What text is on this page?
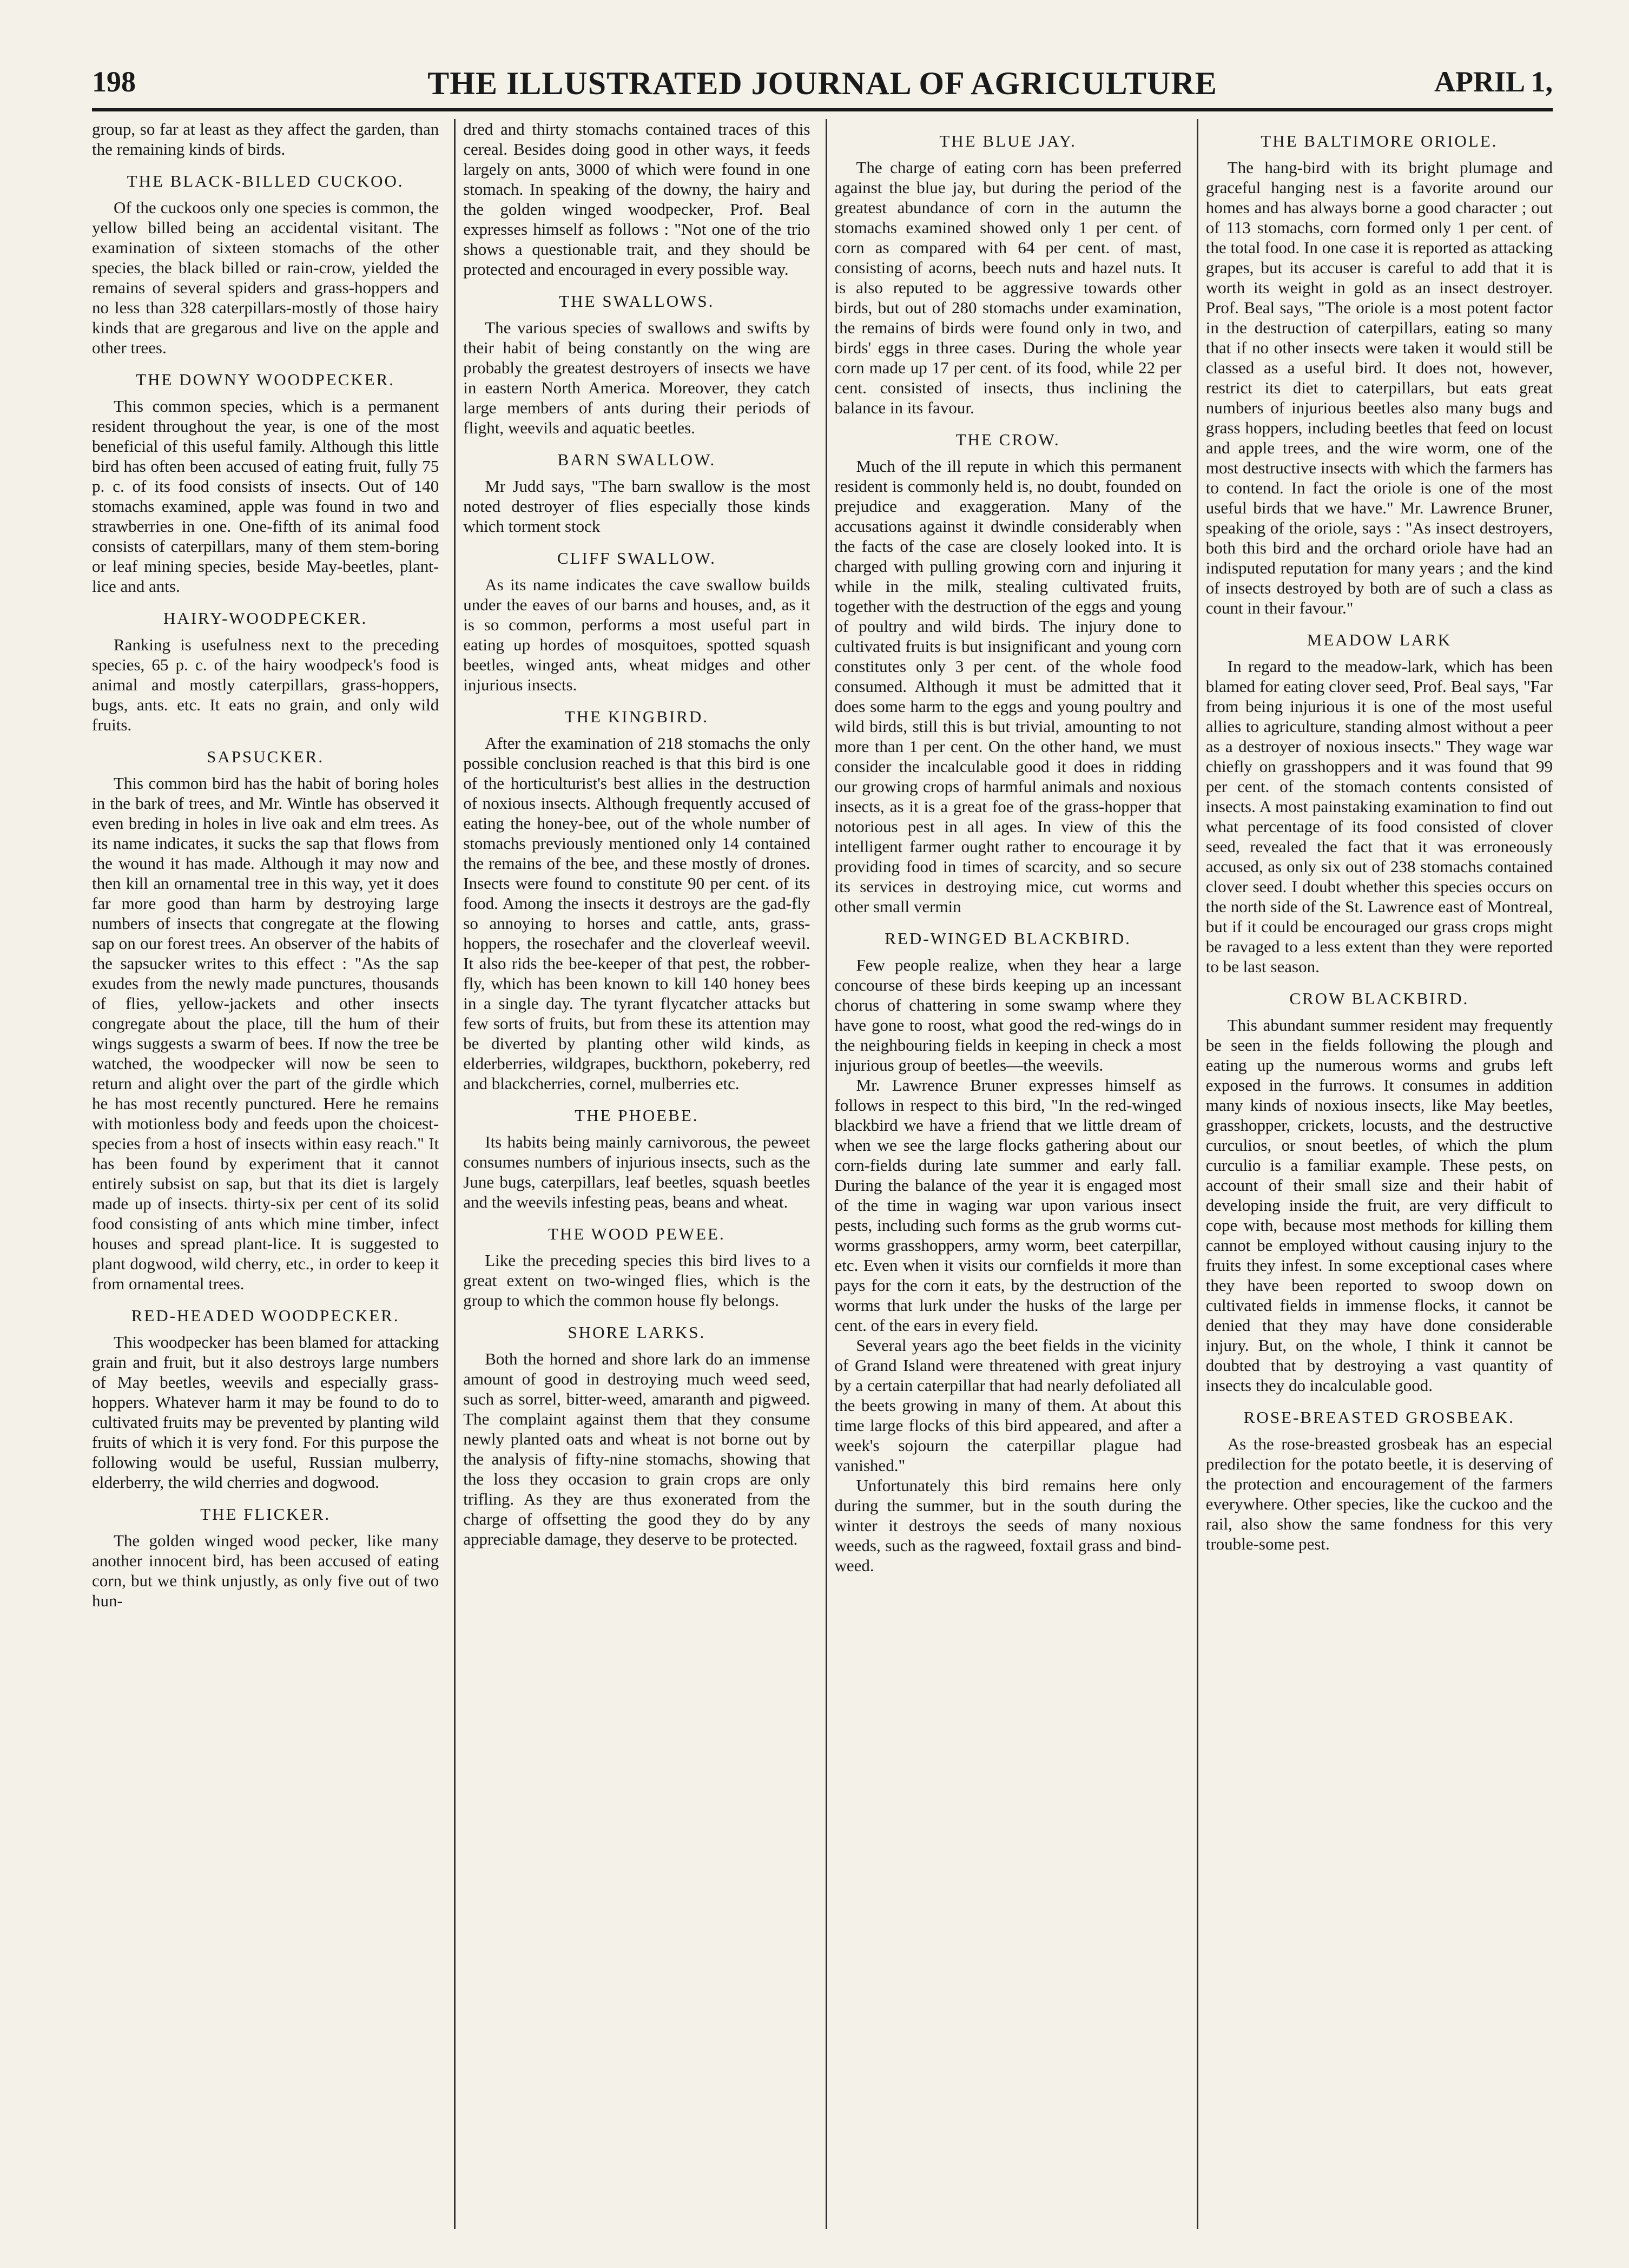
198	THE ILLUSTRATED JOURNAL OF AGRICULTURE	APRIL 1,

group, so far at least as they affect the garden, than the remaining kinds of birds.

THE BLACK-BILLED CUCKOO.

Of the cuckoos only one species is common, the yellow billed being an accidental visitant. The examination of sixteen stomachs of the other species, the black billed or rain-crow, yielded the remains of several spiders and grass-hoppers and no less than 328 caterpillars-mostly of those hairy kinds that are gregarous and live on the apple and other trees.

THE DOWNY WOODPECKER.

This common species, which is a permanent resident throughout the year, is one of the most beneficial of this useful family. Although this little bird has often been accused of eating fruit, fully 75 p. c. of its food consists of insects. Out of 140 stomachs examined, apple was found in two and strawberries in one. One-fifth of its animal food consists of caterpillars, many of them stem-boring or leaf mining species, beside May-beetles, plant-lice and ants.

HAIRY-WOODPECKER.

Ranking is usefulness next to the preceding species, 65 p. c. of the hairy woodpeck's food is animal and mostly caterpillars, grass-hoppers, bugs, ants. etc. It eats no grain, and only wild fruits.

SAPSUCKER.

This common bird has the habit of boring holes in the bark of trees, and Mr. Wintle has observed it even breding in holes in live oak and elm trees. As its name indicates, it sucks the sap that flows from the wound it has made. Although it may now and then kill an ornamental tree in this way, yet it does far more good than harm by destroying large numbers of insects that congregate at the flowing sap on our forest trees. An observer of the habits of the sapsucker writes to this effect : "As the sap exudes from the newly made punctures, thousands of flies, yellow-jackets and other insects congregate about the place, till the hum of their wings suggests a swarm of bees. If now the tree be watched, the woodpecker will now be seen to return and alight over the part of the girdle which he has most recently punctured. Here he remains with motionless body and feeds upon the choicest-species from a host of insects within easy reach." It has been found by experiment that it cannot entirely subsist on sap, but that its diet is largely made up of insects. thirty-six per cent of its solid food consisting of ants which mine timber, infect houses and spread plant-lice. It is suggested to plant dogwood, wild cherry, etc., in order to keep it from ornamental trees.

RED-HEADED WOODPECKER.

This woodpecker has been blamed for attacking grain and fruit, but it also destroys large numbers of May beetles, weevils and especially grass-hoppers. Whatever harm it may be found to do to cultivated fruits may be prevented by planting wild fruits of which it is very fond. For this purpose the following would be useful, Russian mulberry, elderberry, the wild cherries and dogwood.

THE FLICKER.

The golden winged wood pecker, like many another innocent bird, has been accused of eating corn, but we think unjustly, as only five out of two hun-

dred and thirty stomachs contained traces of this cereal. Besides doing good in other ways, it feeds largely on ants, 3000 of which were found in one stomach. In speaking of the downy, the hairy and the golden winged woodpecker, Prof. Beal expresses himself as follows : "Not one of the trio shows a questionable trait, and they should be protected and encouraged in every possible way.

THE SWALLOWS.

The various species of swallows and swifts by their habit of being constantly on the wing are probably the greatest destroyers of insects we have in eastern North America. Moreover, they catch large members of ants during their periods of flight, weevils and aquatic beetles.

BARN SWALLOW.

Mr Judd says, "The barn swallow is the most noted destroyer of flies especially those kinds which torment stock

CLIFF SWALLOW.

As its name indicates the cave swallow builds under the eaves of our barns and houses, and, as it is so common, performs a most useful part in eating up hordes of mosquitoes, spotted squash beetles, winged ants, wheat midges and other injurious insects.

THE KINGBIRD.

After the examination of 218 stomachs the only possible conclusion reached is that this bird is one of the horticulturist's best allies in the destruction of noxious insects. Although frequently accused of eating the honey-bee, out of the whole number of stomachs previously mentioned only 14 contained the remains of the bee, and these mostly of drones. Insects were found to constitute 90 per cent. of its food. Among the insects it destroys are the gad-fly so annoying to horses and cattle, ants, grass-hoppers, the rosechafer and the cloverleaf weevil. It also rids the bee-keeper of that pest, the robber-fly, which has been known to kill 140 honey bees in a single day. The tyrant flycatcher attacks but few sorts of fruits, but from these its attention may be diverted by planting other wild kinds, as elderberries, wildgrapes, buckthorn, pokeberry, red and blackcherries, cornel, mulberries etc.

THE PHOEBE.

Its habits being mainly carnivorous, the peweet consumes numbers of injurious insects, such as the June bugs, caterpillars, leaf beetles, squash beetles and the weevils infesting peas, beans and wheat.

THE WOOD PEWEE.

Like the preceding species this bird lives to a great extent on two-winged flies, which is the group to which the common house fly belongs.

SHORE LARKS.

Both the horned and shore lark do an immense amount of good in destroying much weed seed, such as sorrel, bitter-weed, amaranth and pigweed. The complaint against them that they consume newly planted oats and wheat is not borne out by the analysis of fifty-nine stomachs, showing that the loss they occasion to grain crops are only trifling. As they are thus exonerated from the charge of offsetting the good they do by any appreciable damage, they deserve to be protected.

THE BLUE JAY.

The charge of eating corn has been preferred against the blue jay, but during the period of the greatest abundance of corn in the autumn the stomachs examined showed only 1 per cent. of corn as compared with 64 per cent. of mast, consisting of acorns, beech nuts and hazel nuts. It is also reputed to be aggressive towards other birds, but out of 280 stomachs under examination, the remains of birds were found only in two, and birds' eggs in three cases. During the whole year corn made up 17 per cent. of its food, while 22 per cent. consisted of insects, thus inclining the balance in its favour.

THE CROW.

Much of the ill repute in which this permanent resident is commonly held is, no doubt, founded on prejudice and exaggeration. Many of the accusations against it dwindle considerably when the facts of the case are closely looked into. It is charged with pulling growing corn and injuring it while in the milk, stealing cultivated fruits, together with the destruction of the eggs and young of poultry and wild birds. The injury done to cultivated fruits is but insignificant and young corn constitutes only 3 per cent. of the whole food consumed. Although it must be admitted that it does some harm to the eggs and young poultry and wild birds, still this is but trivial, amounting to not more than 1 per cent. On the other hand, we must consider the incalculable good it does in ridding our growing crops of harmful animals and noxious insects, as it is a great foe of the grass-hopper that notorious pest in all ages. In view of this the intelligent farmer ought rather to encourage it by providing food in times of scarcity, and so secure its services in destroying mice, cut worms and other small vermin

RED-WINGED BLACKBIRD.

Few people realize, when they hear a large concourse of these birds keeping up an incessant chorus of chattering in some swamp where they have gone to roost, what good the red-wings do in the neighbouring fields in keeping in check a most injurious group of beetles—the weevils.

Mr. Lawrence Bruner expresses himself as follows in respect to this bird, "In the red-winged blackbird we have a friend that we little dream of when we see the large flocks gathering about our corn-fields during late summer and early fall. During the balance of the year it is engaged most of the time in waging war upon various insect pests, including such forms as the grub worms cut-worms grasshoppers, army worm, beet caterpillar, etc. Even when it visits our cornfields it more than pays for the corn it eats, by the destruction of the worms that lurk under the husks of the large per cent. of the ears in every field.

Several years ago the beet fields in the vicinity of Grand Island were threatened with great injury by a certain caterpillar that had nearly defoliated all the beets growing in many of them. At about this time large flocks of this bird appeared, and after a week's sojourn the caterpillar plague had vanished."

Unfortunately this bird remains here only during the summer, but in the south during the winter it destroys the seeds of many noxious weeds, such as the ragweed, foxtail grass and bind-weed.

THE BALTIMORE ORIOLE.

The hang-bird with its bright plumage and graceful hanging nest is a favorite around our homes and has always borne a good character ; out of 113 stomachs, corn formed only 1 per cent. of the total food. In one case it is reported as attacking grapes, but its accuser is careful to add that it is worth its weight in gold as an insect destroyer. Prof. Beal says, "The oriole is a most potent factor in the destruction of caterpillars, eating so many that if no other insects were taken it would still be classed as a useful bird. It does not, however, restrict its diet to caterpillars, but eats great numbers of injurious beetles also many bugs and grass hoppers, including beetles that feed on locust and apple trees, and the wire worm, one of the most destructive insects with which the farmers has to contend. In fact the oriole is one of the most useful birds that we have." Mr. Lawrence Bruner, speaking of the oriole, says : "As insect destroyers, both this bird and the orchard oriole have had an indisputed reputation for many years ; and the kind of insects destroyed by both are of such a class as count in their favour."

MEADOW LARK

In regard to the meadow-lark, which has been blamed for eating clover seed, Prof. Beal says, "Far from being injurious it is one of the most useful allies to agriculture, standing almost without a peer as a destroyer of noxious insects." They wage war chiefly on grasshoppers and it was found that 99 per cent. of the stomach contents consisted of insects. A most painstaking examination to find out what percentage of its food consisted of clover seed, revealed the fact that it was erroneously accused, as only six out of 238 stomachs contained clover seed. I doubt whether this species occurs on the north side of the St. Lawrence east of Montreal, but if it could be encouraged our grass crops might be ravaged to a less extent than they were reported to be last season.

CROW BLACKBIRD.

This abundant summer resident may frequently be seen in the fields following the plough and eating up the numerous worms and grubs left exposed in the furrows. It consumes in addition many kinds of noxious insects, like May beetles, grasshopper, crickets, locusts, and the destructive curculios, or snout beetles, of which the plum curculio is a familiar example. These pests, on account of their small size and their habit of developing inside the fruit, are very difficult to cope with, because most methods for killing them cannot be employed without causing injury to the fruits they infest. In some exceptional cases where they have been reported to swoop down on cultivated fields in immense flocks, it cannot be denied that they may have done considerable injury. But, on the whole, I think it cannot be doubted that by destroying a vast quantity of insects they do incalculable good.

ROSE-BREASTED GROSBEAK.

As the rose-breasted grosbeak has an especial predilection for the potato beetle, it is deserving of the protection and encouragement of the farmers everywhere. Other species, like the cuckoo and the rail, also show the same fondness for this very trouble-some pest.
